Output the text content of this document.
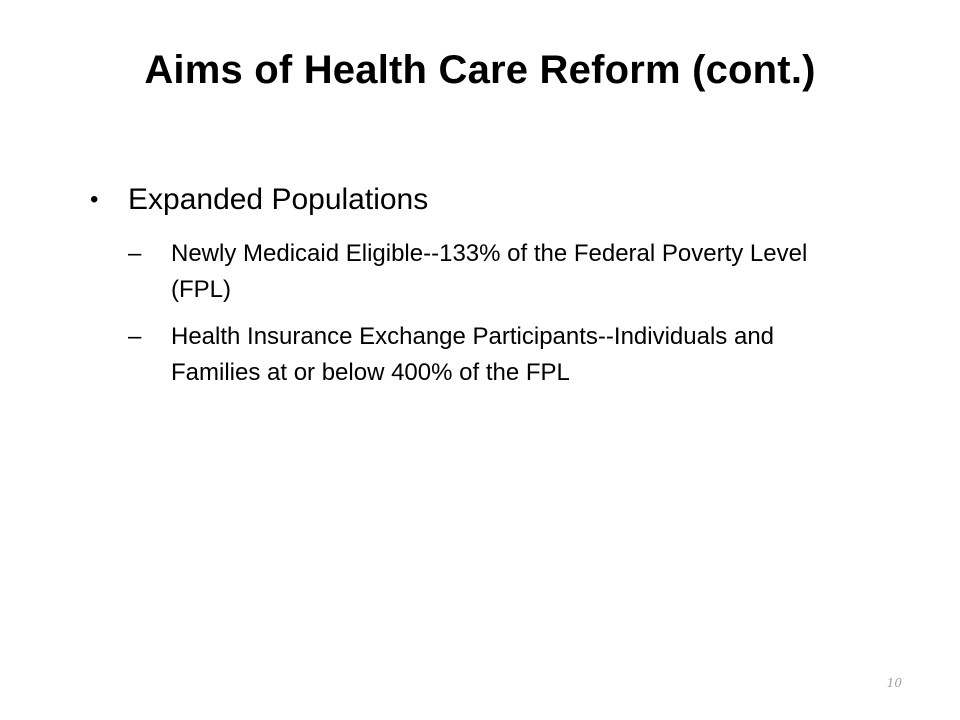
Aims of Health Care Reform (cont.)
• Expanded Populations
–	Newly Medicaid Eligible--133% of the Federal Poverty Level (FPL)
–	Health Insurance Exchange Participants--Individuals and Families at or below 400% of the FPL
10
